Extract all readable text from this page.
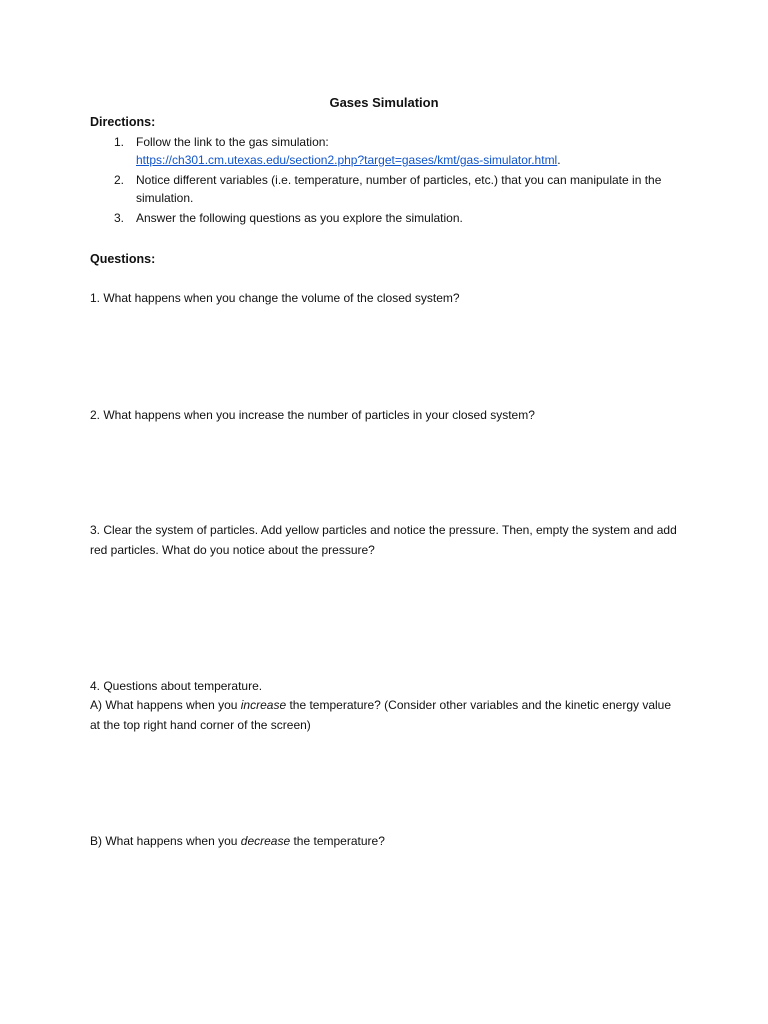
Gases Simulation
Directions:
1. Follow the link to the gas simulation:
https://ch301.cm.utexas.edu/section2.php?target=gases/kmt/gas-simulator.html.
2. Notice different variables (i.e. temperature, number of particles, etc.) that you can manipulate in the simulation.
3. Answer the following questions as you explore the simulation.
Questions:
1. What happens when you change the volume of the closed system?
2. What happens when you increase the number of particles in your closed system?
3. Clear the system of particles. Add yellow particles and notice the pressure. Then, empty the system and add red particles. What do you notice about the pressure?
4. Questions about temperature.
A) What happens when you increase the temperature? (Consider other variables and the kinetic energy value at the top right hand corner of the screen)
B) What happens when you decrease the temperature?
